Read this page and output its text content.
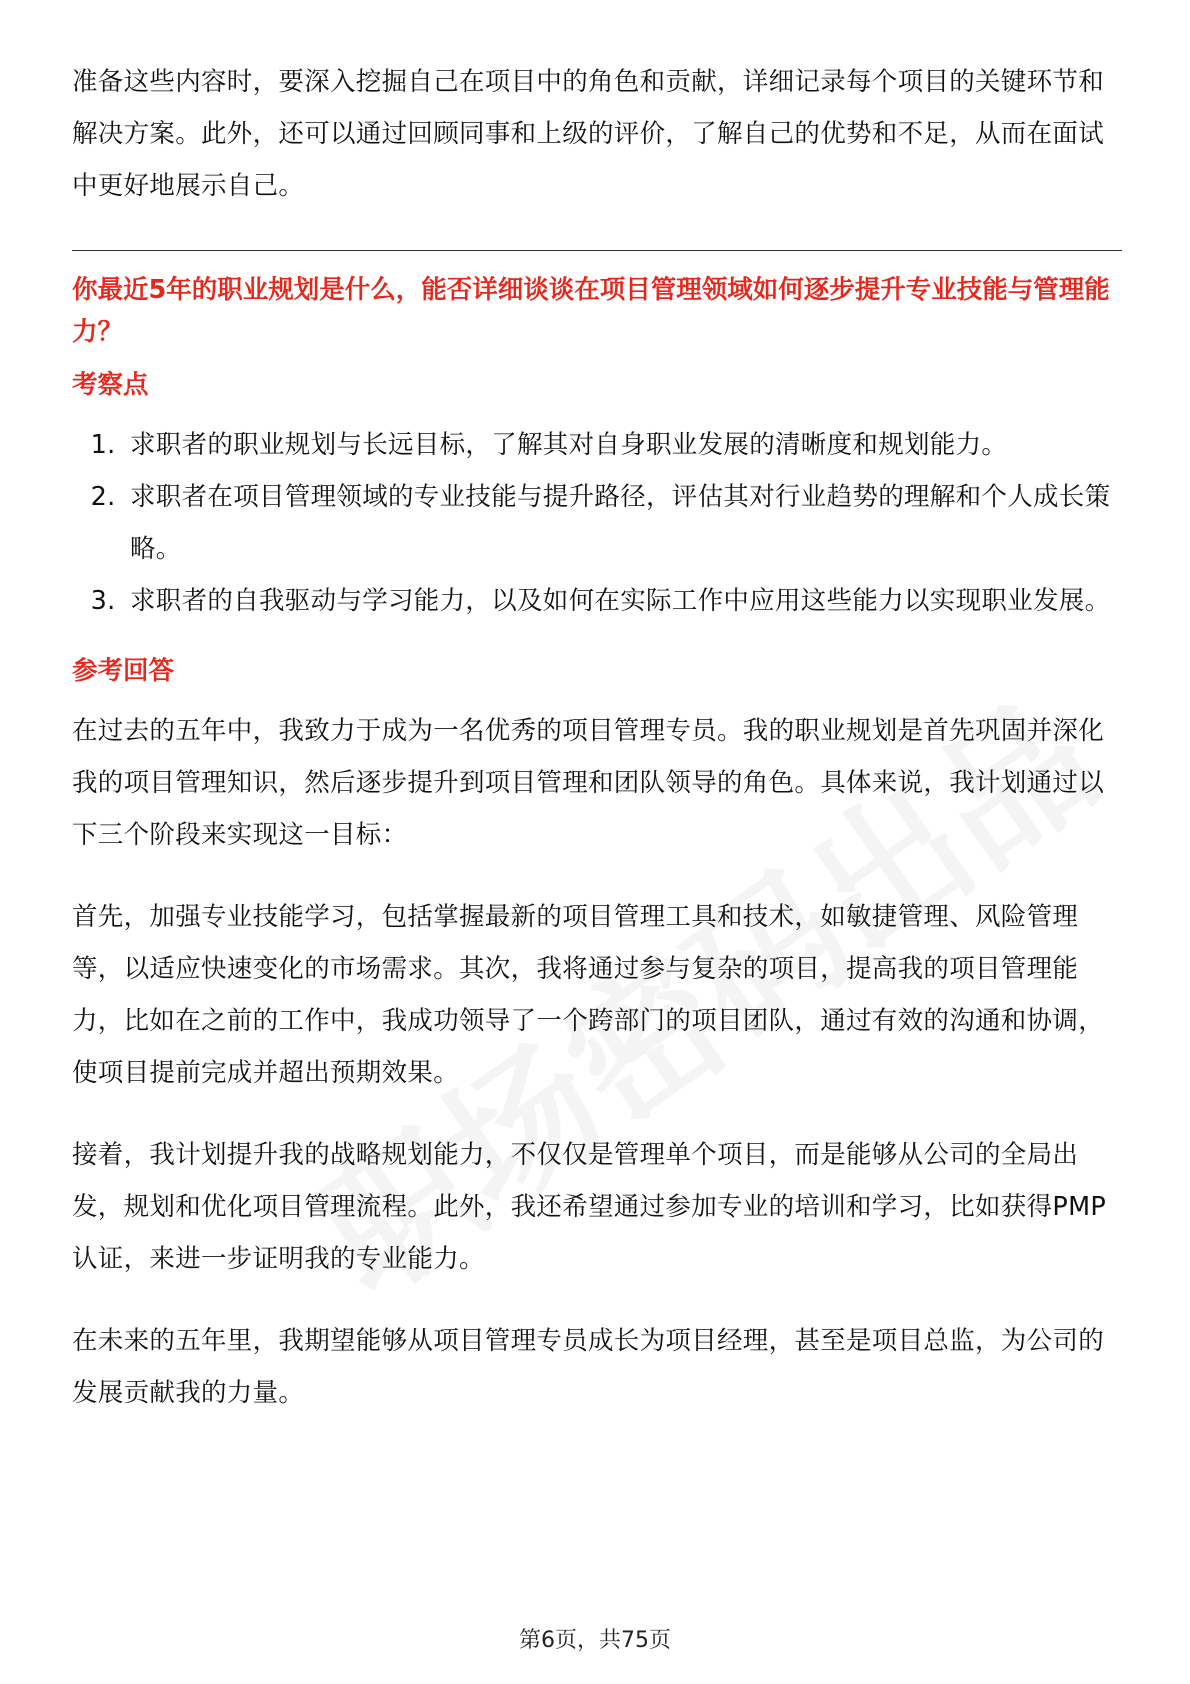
准备这些内容时，要深入挖掘自己在项目中的角色和贡献，详细记录每个项目的关键环节和解决方案。此外，还可以通过回顾同事和上级的评价，了解自己的优势和不足，从而在面试中更好地展示自己。

你最近5年的职业规划是什么，能否详细谈谈在项目管理领域如何逐步提升专业技能与管理能力？
考察点
1. 求职者的职业规划与长远目标，了解其对自身职业发展的清晰度和规划能力。
2. 求职者在项目管理领域的专业技能与提升路径，评估其对行业趋势的理解和个人成长策略。
3. 求职者的自我驱动与学习能力，以及如何在实际工作中应用这些能力以实现职业发展。
参考回答

在过去的五年中，我致力于成为一名优秀的项目管理专员。我的职业规划是首先巩固并深化我的项目管理知识，然后逐步提升到项目管理和团队领导的角色。具体来说，我计划通过以下三个阶段来实现这一目标：

首先，加强专业技能学习，包括掌握最新的项目管理工具和技术，如敏捷管理、风险管理等，以适应快速变化的市场需求。其次，我将通过参与复杂的项目，提高我的项目管理能力，比如在之前的工作中，我成功领导了一个跨部门的项目团队，通过有效的沟通和协调，使项目提前完成并超出预期效果。

接着，我计划提升我的战略规划能力，不仅仅是管理单个项目，而是能够从公司的全局出发，规划和优化项目管理流程。此外，我还希望通过参加专业的培训和学习，比如获得PMP认证，来进一步证明我的专业能力。

在未来的五年里，我期望能够从项目管理专员成长为项目经理，甚至是项目总监，为公司的发展贡献我的力量。

第6页，共75页
